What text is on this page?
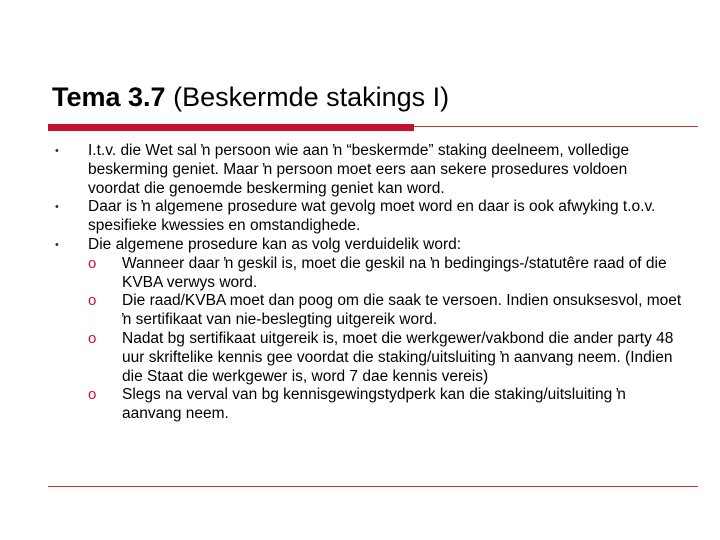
Tema 3.7 (Beskermde stakings I)
• I.t.v. die Wet sal ŉ persoon wie aan ŉ “beskermde” staking deelneem, volledige beskerming geniet. Maar ŉ persoon moet eers aan sekere prosedures voldoen voordat die genoemde beskerming geniet kan word.
• Daar is ŉ algemene prosedure wat gevolg moet word en daar is ook afwyking t.o.v. spesifieke kwessies en omstandighede.
• Die algemene prosedure kan as volg verduidelik word:
o Wanneer daar ŉ geskil is, moet die geskil na ŉ bedingings-/statutêre raad of die KVBA verwys word.
o Die raad/KVBA moet dan poog om die saak te versoen. Indien onsuksesvol, moet ŉ sertifikaat van nie-beslegting uitgereik word.
o Nadat bg sertifikaat uitgereik is, moet die werkgewer/vakbond die ander party 48 uur skriftelike kennis gee voordat die staking/uitsluiting ŉ aanvang neem. (Indien die Staat die werkgewer is, word 7 dae kennis vereis)
o Slegs na verval van bg kennisgewingstydperk kan die staking/uitsluiting ŉ aanvang neem.
